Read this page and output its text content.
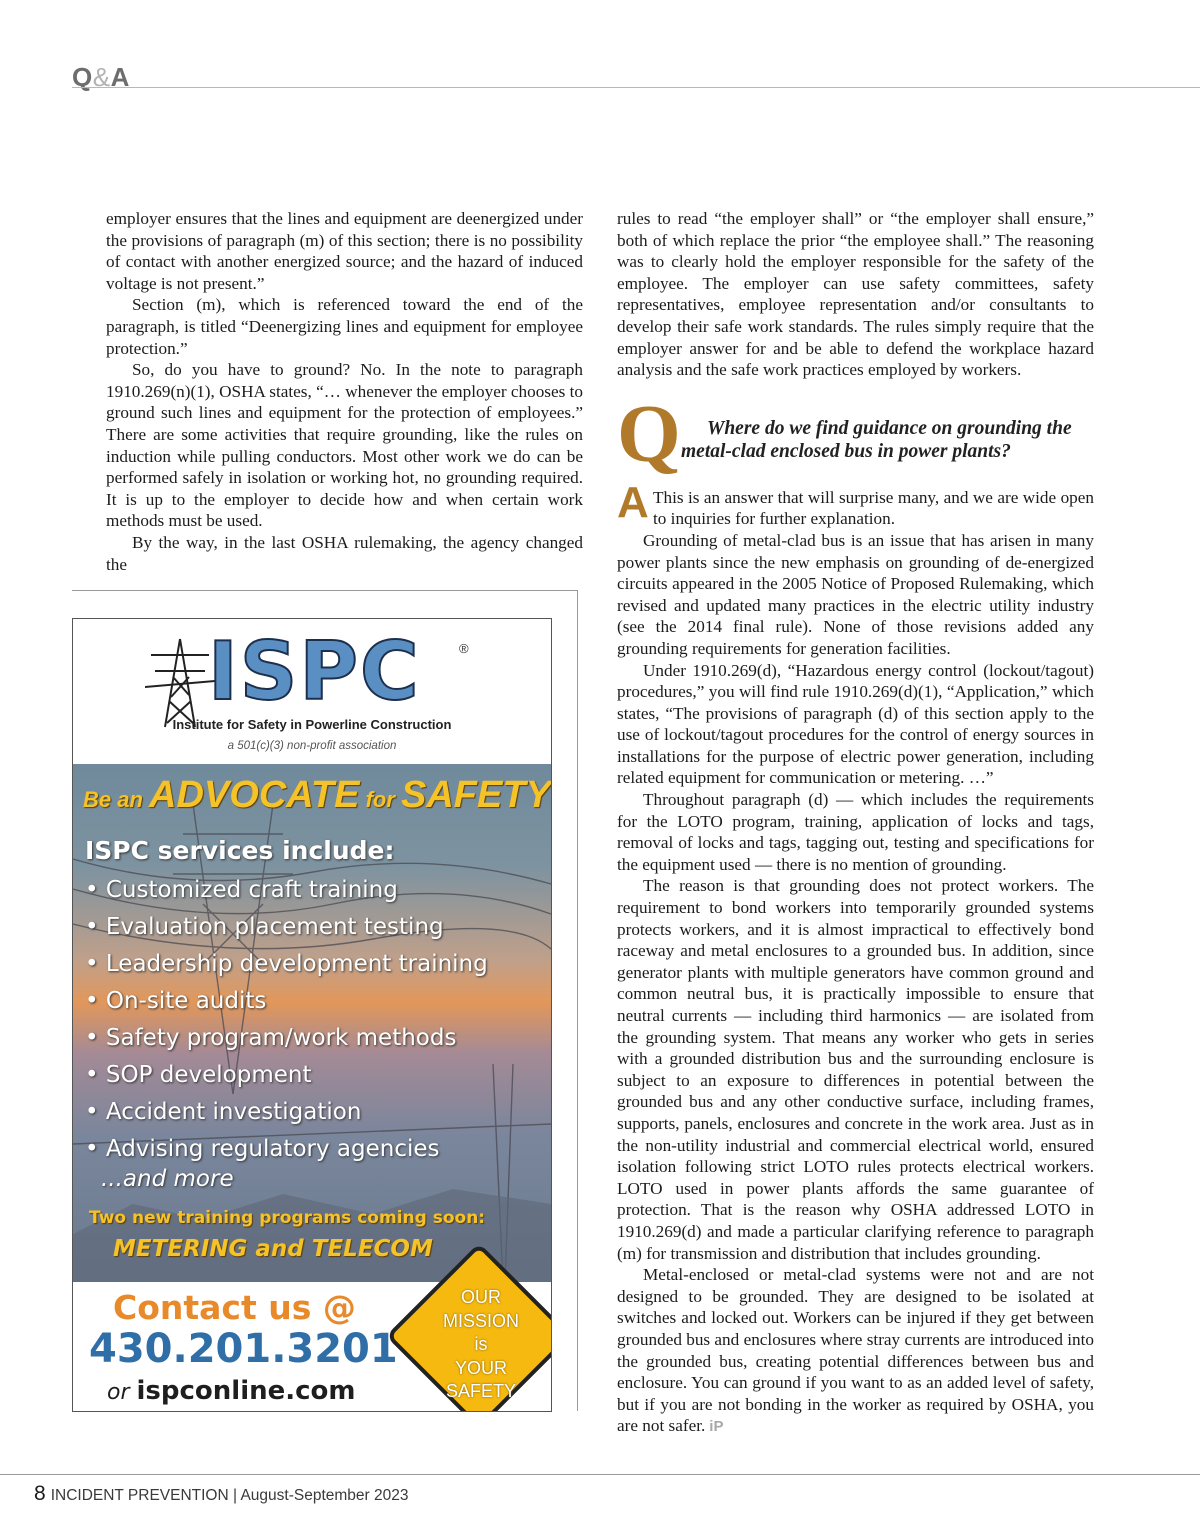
Q&A

employer ensures that the lines and equipment are deenergized under the provisions of paragraph (m) of this section; there is no possibility of contact with another energized source; and the hazard of induced voltage is not present.”

Section (m), which is referenced toward the end of the paragraph, is titled “Deenergizing lines and equipment for employee protection.”

So, do you have to ground? No. In the note to paragraph 1910.269(n)(1), OSHA states, “… whenever the employer chooses to ground such lines and equipment for the protection of employees.” There are some activities that require grounding, like the rules on induction while pulling conductors. Most other work we do can be performed safely in isolation or working hot, no grounding required. It is up to the employer to decide how and when certain work methods must be used.

By the way, in the last OSHA rulemaking, the agency changed the

ISPC	®
Institute for Safety in Powerline Construction
a 501(c)(3) non-profit association
Be an ADVOCATE for SAFETY
ISPC services include:
• Customized craft training
• Evaluation placement testing
• Leadership development training
• On-site audits
• Safety program/work methods
• SOP development
• Accident investigation
• Advising regulatory agencies
...and more
Two new training programs coming soon:
METERING and TELECOM
Contact us @
430.201.3201
or ispconline.com
OUR
MISSION
is
YOUR
SAFETY

rules to read “the employer shall” or “the employer shall ensure,” both of which replace the prior “the employee shall.” The reasoning was to clearly hold the employer responsible for the safety of the employee. The employer can use safety committees, safety representatives, employee representation and/or consultants to develop their safe work standards. The rules simply require that the employer answer for and be able to defend the workplace hazard analysis and the safe work practices employed by workers.

Q	Where do we find guidance on grounding the metal-clad enclosed bus in power plants?

A This is an answer that will surprise many, and we are wide open to inquiries for further explanation.

Grounding of metal-clad bus is an issue that has arisen in many power plants since the new emphasis on grounding of de-energized circuits appeared in the 2005 Notice of Proposed Rulemaking, which revised and updated many practices in the electric utility industry (see the 2014 final rule). None of those revisions added any grounding requirements for generation facilities.

Under 1910.269(d), “Hazardous energy control (lockout/tagout) procedures,” you will find rule 1910.269(d)(1), “Application,” which states, “The provisions of paragraph (d) of this section apply to the use of lockout/tagout procedures for the control of energy sources in installations for the purpose of electric power generation, including related equipment for communication or metering. …”

Throughout paragraph (d) — which includes the requirements for the LOTO program, training, application of locks and tags, removal of locks and tags, tagging out, testing and specifications for the equipment used — there is no mention of grounding.

The reason is that grounding does not protect workers. The requirement to bond workers into temporarily grounded systems protects workers, and it is almost impractical to effectively bond raceway and metal enclosures to a grounded bus. In addition, since generator plants with multiple generators have common ground and common neutral bus, it is practically impossible to ensure that neutral currents — including third harmonics — are isolated from the grounding system. That means any worker who gets in series with a grounded distribution bus and the surrounding enclosure is subject to an exposure to differences in potential between the grounded bus and any other conductive surface, including frames, supports, panels, enclosures and concrete in the work area. Just as in the non-utility industrial and commercial electrical world, ensured isolation following strict LOTO rules protects electrical workers. LOTO used in power plants affords the same guarantee of protection. That is the reason why OSHA addressed LOTO in 1910.269(d) and made a particular clarifying reference to paragraph (m) for transmission and distribution that includes grounding.

Metal-enclosed or metal-clad systems were not and are not designed to be grounded. They are designed to be isolated at switches and locked out. Workers can be injured if they get between grounded bus and enclosures where stray currents are introduced into the grounded bus, creating potential differences between bus and enclosure. You can ground if you want to as an added level of safety, but if you are not bonding in the worker as required by OSHA, you are not safer. iP

8 INCIDENT PREVENTION | August-September 2023
